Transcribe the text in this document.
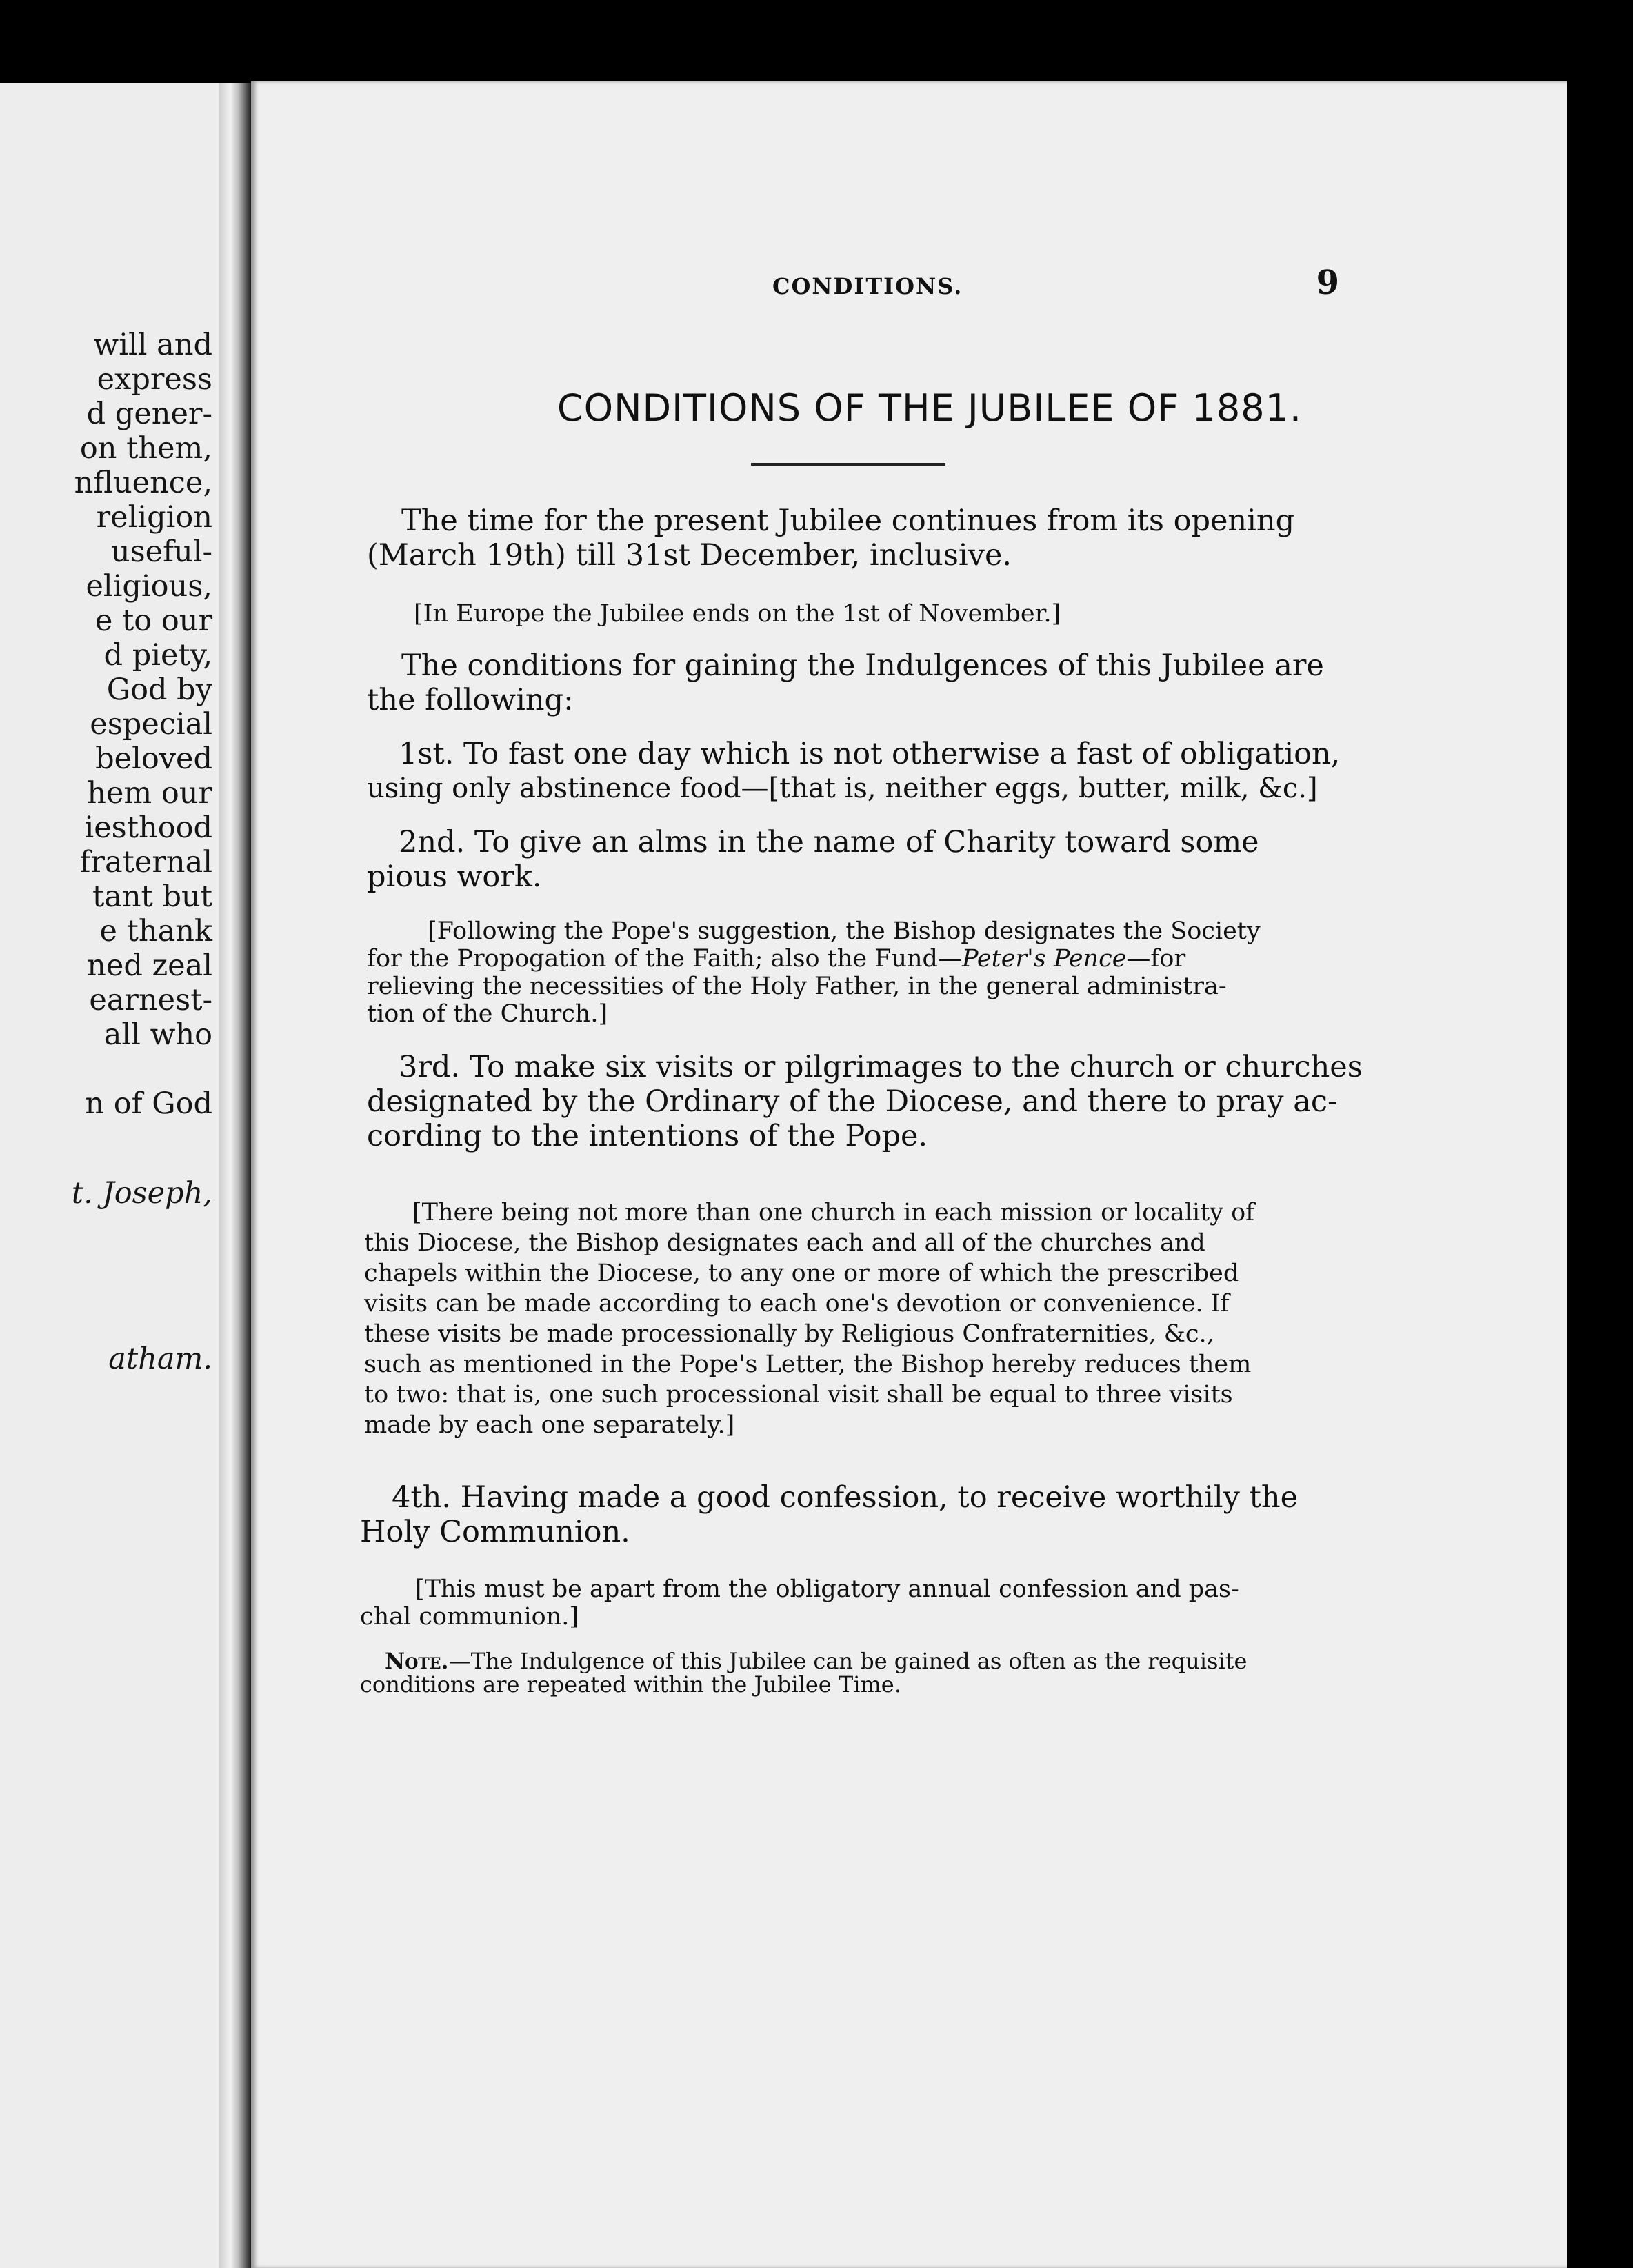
will and
express
d gener-
on them,
nfluence,
religion
useful-
eligious,
e to our
d piety,
God by
especial
beloved
hem our
iesthood
fraternal
tant but
e thank
ned zeal
earnest-
all who
n of God
t. Joseph,
atham.
CONDITIONS.	9
CONDITIONS OF THE JUBILEE OF 1881.
The time for the present Jubilee continues from its opening
(March 19th) till 31st December, inclusive.
[In Europe the Jubilee ends on the 1st of November.]
The conditions for gaining the Indulgences of this Jubilee are
the following:
1st. To fast one day which is not otherwise a fast of obligation,
using only abstinence food—[that is, neither eggs, butter, milk, &c.]
2nd. To give an alms in the name of Charity toward some
pious work.
[Following the Pope's suggestion, the Bishop designates the Society
for the Propogation of the Faith; also the Fund—Peter's Pence—for
relieving the necessities of the Holy Father, in the general administra-
tion of the Church.]
3rd. To make six visits or pilgrimages to the church or churches
designated by the Ordinary of the Diocese, and there to pray ac-
cording to the intentions of the Pope.
[There being not more than one church in each mission or locality of
this Diocese, the Bishop designates each and all of the churches and
chapels within the Diocese, to any one or more of which the prescribed
visits can be made according to each one's devotion or convenience. If
these visits be made processionally by Religious Confraternities, &c.,
such as mentioned in the Pope's Letter, the Bishop hereby reduces them
to two: that is, one such processional visit shall be equal to three visits
made by each one separately.]
4th. Having made a good confession, to receive worthily the
Holy Communion.
[This must be apart from the obligatory annual confession and pas-
chal communion.]
Note.—The Indulgence of this Jubilee can be gained as often as the requisite
conditions are repeated within the Jubilee Time.
